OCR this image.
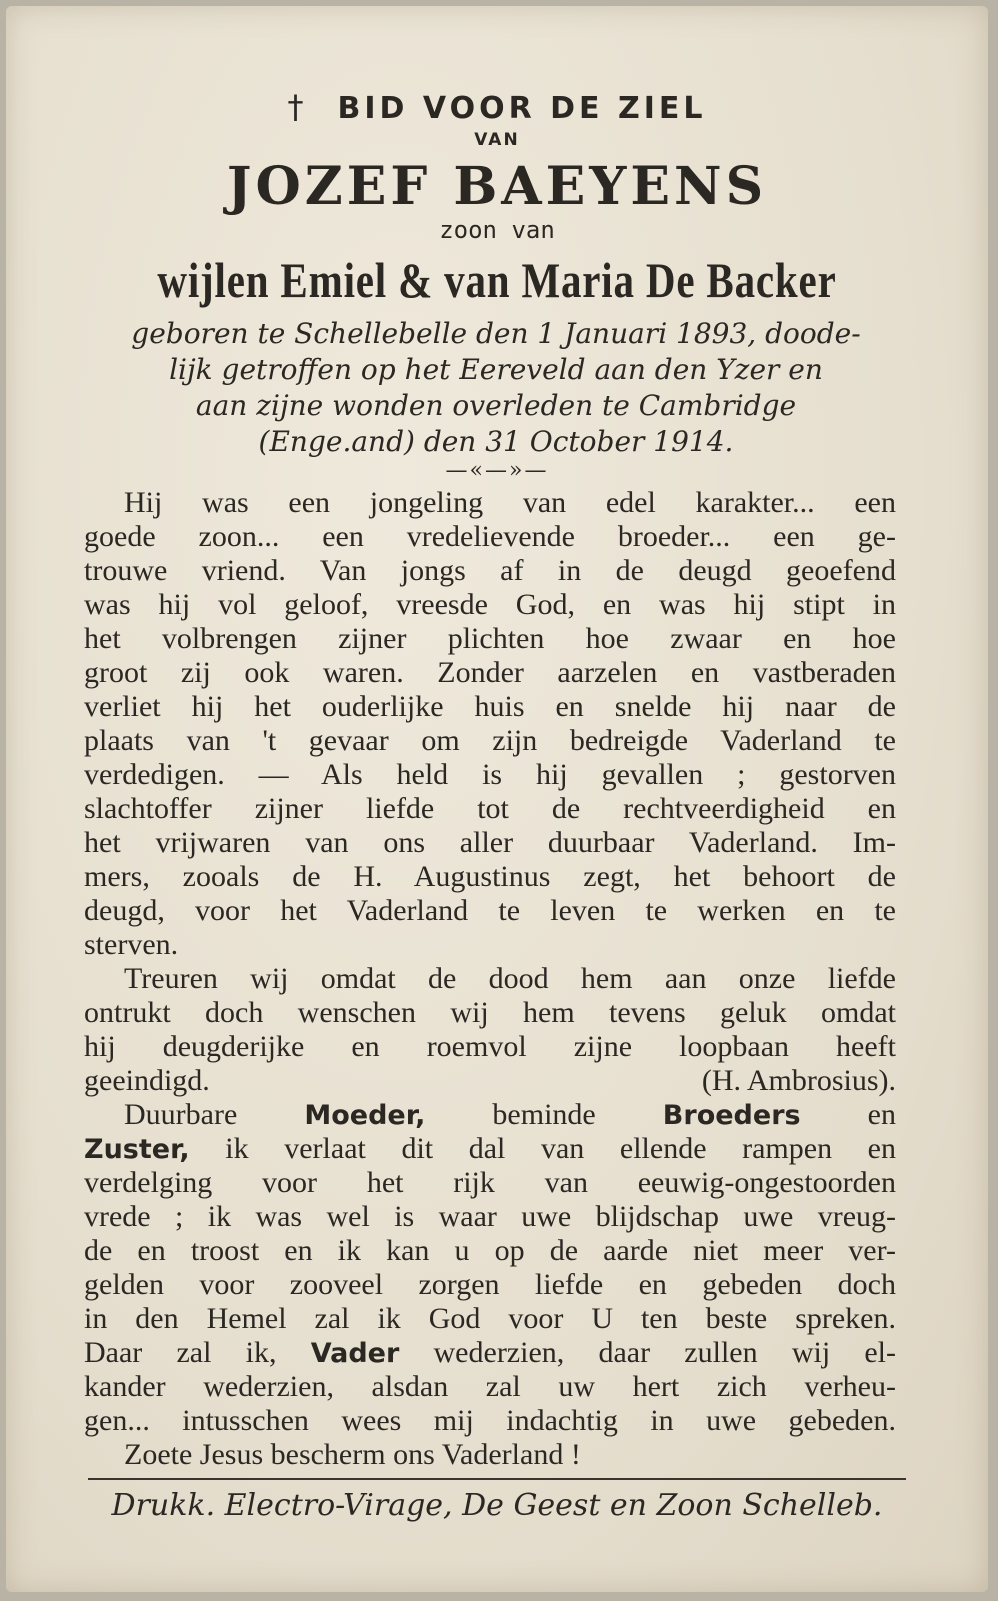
† BID VOOR DE ZIEL
VAN
JOZEF BAEYENS
zoon van
wijlen Emiel & van Maria De Backer
geboren te Schellebelle den 1 Januari 1893, doode-
lijk getroffen op het Eereveld aan den Yzer en
aan zijne wonden overleden te Cambridge
(Enge.and) den 31 October 1914.
—«—»—
Hij was een jongeling van edel karakter... een
goede zoon... een vredelievende broeder... een ge-
trouwe vriend. Van jongs af in de deugd geoefend
was hij vol geloof, vreesde God, en was hij stipt in
het volbrengen zijner plichten hoe zwaar en hoe
groot zij ook waren. Zonder aarzelen en vastberaden
verliet hij het ouderlijke huis en snelde hij naar de
plaats van 't gevaar om zijn bedreigde Vaderland te
verdedigen. — Als held is hij gevallen ; gestorven
slachtoffer zijner liefde tot de rechtveerdigheid en
het vrijwaren van ons aller duurbaar Vaderland. Im-
mers, zooals de H. Augustinus zegt, het behoort de
deugd, voor het Vaderland te leven te werken en te
sterven.
Treuren wij omdat de dood hem aan onze liefde
ontrukt doch wenschen wij hem tevens geluk omdat
hij deugderijke en roemvol zijne loopbaan heeft
geeindigd.	(H. Ambrosius).
Duurbare Moeder, beminde Broeders en
Zuster, ik verlaat dit dal van ellende rampen en
verdelging voor het rijk van eeuwig-ongestoorden
vrede ; ik was wel is waar uwe blijdschap uwe vreug-
de en troost en ik kan u op de aarde niet meer ver-
gelden voor zooveel zorgen liefde en gebeden doch
in den Hemel zal ik God voor U ten beste spreken.
Daar zal ik, Vader wederzien, daar zullen wij el-
kander wederzien, alsdan zal uw hert zich verheu-
gen... intusschen wees mij indachtig in uwe gebeden.
Zoete Jesus bescherm ons Vaderland !
Drukk. Electro-Virage, De Geest en Zoon Schelleb.
